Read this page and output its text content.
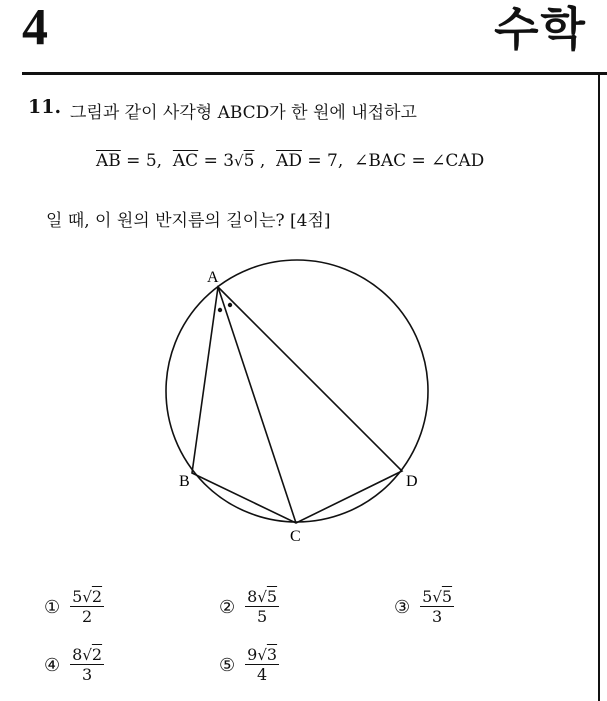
4	수학
11. 그림과 같이 사각형 ABCD가 한 원에 내접하고
$\overline{AB} = 5$, $\overline{AC} = 3√5$ , $\overline{AD} = 7$, ∠BAC = ∠CAD
일 때, 이 원의 반지름의 길이는? [4점]
A
B
C
D
① $\frac{5√2}{2}$	② $\frac{8√5}{5}$	③ $\frac{5√5}{3}$
④ $\frac{8√2}{3}$	⑤ $\frac{9√3}{4}$
